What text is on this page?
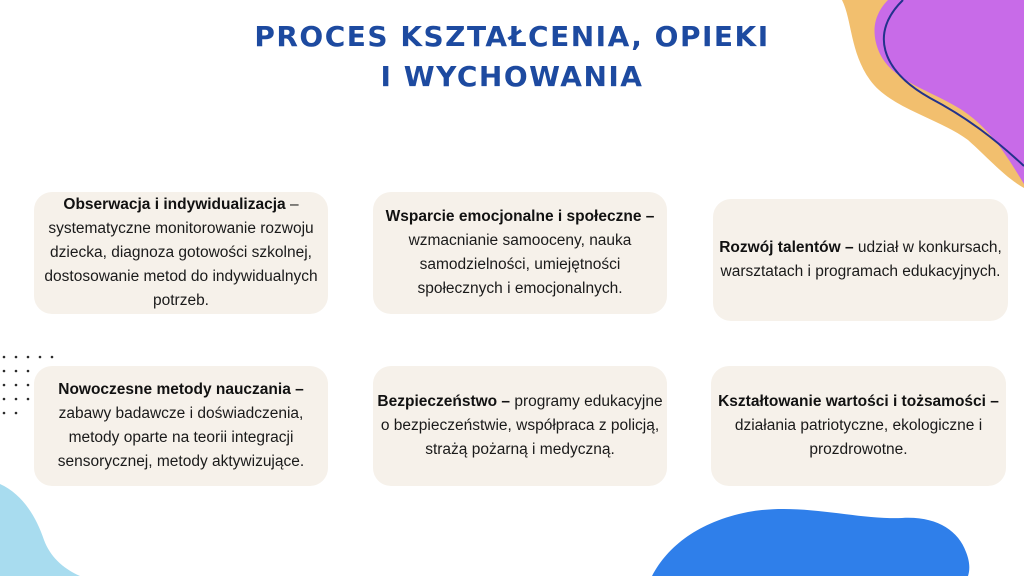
PROCES KSZTAŁCENIA, OPIEKI
I WYCHOWANIA

Obserwacja i indywidualizacja – systematyczne monitorowanie rozwoju dziecka, diagnoza gotowości szkolnej, dostosowanie metod do indywidualnych potrzeb.

Wsparcie emocjonalne i społeczne – wzmacnianie samooceny, nauka samodzielności, umiejętności społecznych i emocjonalnych.

Rozwój talentów – udział w konkursach, warsztatach i programach edukacyjnych.

Nowoczesne metody nauczania – zabawy badawcze i doświadczenia, metody oparte na teorii integracji sensorycznej, metody aktywizujące.

Bezpieczeństwo – programy edukacyjne o bezpieczeństwie, współpraca z policją, strażą pożarną i medyczną.

Kształtowanie wartości i tożsamości – działania patriotyczne, ekologiczne i prozdrowotne.
